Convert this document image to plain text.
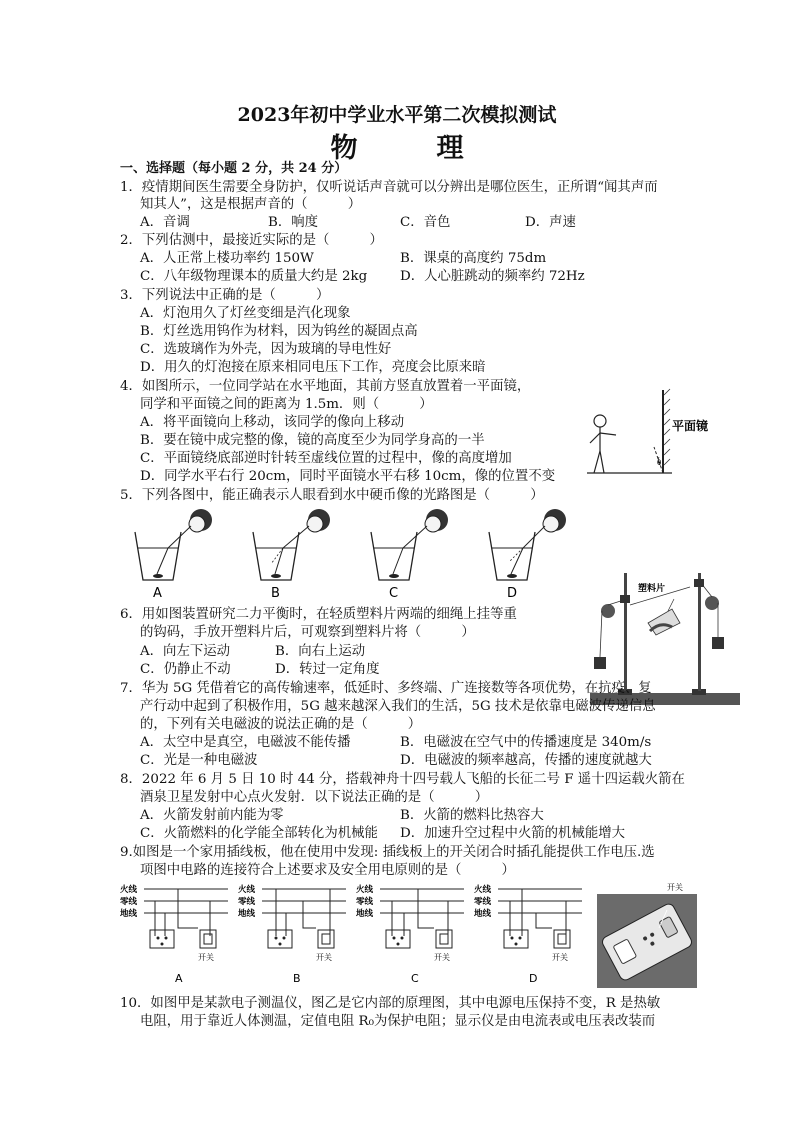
2023年初中学业水平第二次模拟测试
物　理
一、选择题（每小题 2 分，共 24 分）
1．疫情期间医生需要全身防护，仅听说话声音就可以分辨出是哪位医生，正所谓“闻其声而
知其人”，这是根据声音的（　　　）
A．音调	B．响度	C．音色	D．声速
2．下列估测中，最接近实际的是（　　　）
A．人正常上楼功率约 150W	B．课桌的高度约 75dm
C．八年级物理课本的质量大约是 2kg D．人心脏跳动的频率约 72Hz
3．下列说法中正确的是（　　　）
A．灯泡用久了灯丝变细是汽化现象
B．灯丝选用钨作为材料，因为钨丝的凝固点高
C．选玻璃作为外壳，因为玻璃的导电性好
D．用久的灯泡接在原来相同电压下工作，亮度会比原来暗
4．如图所示，一位同学站在水平地面，其前方竖直放置着一平面镜，
同学和平面镜之间的距离为 1.5m．则（　　　）
A．将平面镜向上移动，该同学的像向上移动
B．要在镜中成完整的像，镜的高度至少为同学身高的一半
C．平面镜绕底部逆时针转至虚线位置的过程中，像的高度增加
D．同学水平右行 20cm，同时平面镜水平右移 10cm，像的位置不变
θ
平面镜
5．下列各图中，能正确表示人眼看到水中硬币像的光路图是（　　　）
A	B	C	D
6．用如图装置研究二力平衡时，在轻质塑料片两端的细绳上挂等重
的钩码，手放开塑料片后，可观察到塑料片将（　　　）
A．向左下运动	B．向右上运动
C．仍静止不动	D．转过一定角度
塑料片
7．华为 5G 凭借着它的高传输速率，低延时、多终端、广连接数等各项优势，在抗疫、复
产行动中起到了积极作用，5G 越来越深入我们的生活，5G 技术是依靠电磁波传递信息
的，下列有关电磁波的说法正确的是（　　　）
A．太空中是真空，电磁波不能传播	B．电磁波在空气中的传播速度是 340m/s
C．光是一种电磁波	D．电磁波的频率越高，传播的速度就越大
8．2022 年 6 月 5 日 10 时 44 分，搭载神舟十四号载人飞船的长征二号 F 遥十四运载火箭在
酒泉卫星发射中心点火发射．以下说法正确的是（　　　）
A．火箭发射前内能为零	B．火箭的燃料比热容大
C．火箭燃料的化学能全部转化为机械能 D．加速升空过程中火箭的机械能增大
9.如图是一个家用插线板，他在使用中发现: 插线板上的开关闭合时插孔能提供工作电压.选
项图中电路的连接符合上述要求及安全用电原则的是（　　　）
火线
零线
地线
开关
A
火线
零线
地线
开关
B
火线
零线
地线
开关
C
火线
零线
地线
开关
D
开关
10．如图甲是某款电子测温仪，图乙是它内部的原理图，其中电源电压保持不变，R 是热敏
电阻，用于靠近人体测温，定值电阻 R₀为保护电阻；显示仪是由电流表或电压表改装而
